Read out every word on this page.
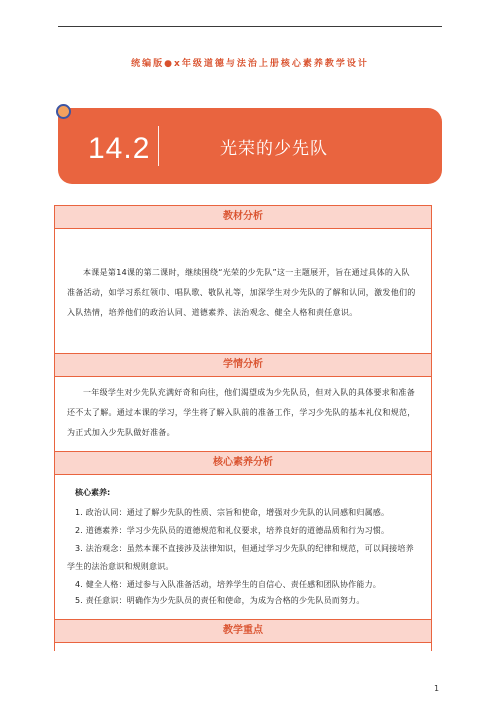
统编版●x年级道德与法治上册核心素养教学设计
14.2	光荣的少先队
教材分析

本课是第14课的第二课时，继续围绕“光荣的少先队”这一主题展开，旨在通过具体的入队准备活动，如学习系红领巾、唱队歌、敬队礼等，加深学生对少先队的了解和认同，激发他们的入队热情，培养他们的政治认同、道德素养、法治观念、健全人格和责任意识。

学情分析

一年级学生对少先队充满好奇和向往，他们渴望成为少先队员，但对入队的具体要求和准备还不太了解。通过本课的学习，学生将了解入队前的准备工作，学习少先队的基本礼仪和规范，为正式加入少先队做好准备。

核心素养分析
核心素养:
1. 政治认同：通过了解少先队的性质、宗旨和使命，增强对少先队的认同感和归属感。
2. 道德素养：学习少先队员的道德规范和礼仪要求，培养良好的道德品质和行为习惯。
3. 法治观念：虽然本课不直接涉及法律知识，但通过学习少先队的纪律和规范，可以间接培养学生的法治意识和规则意识。
4. 健全人格：通过参与入队准备活动，培养学生的自信心、责任感和团队协作能力。
5. 责任意识：明确作为少先队员的责任和使命，为成为合格的少先队员而努力。
教学重点
1
